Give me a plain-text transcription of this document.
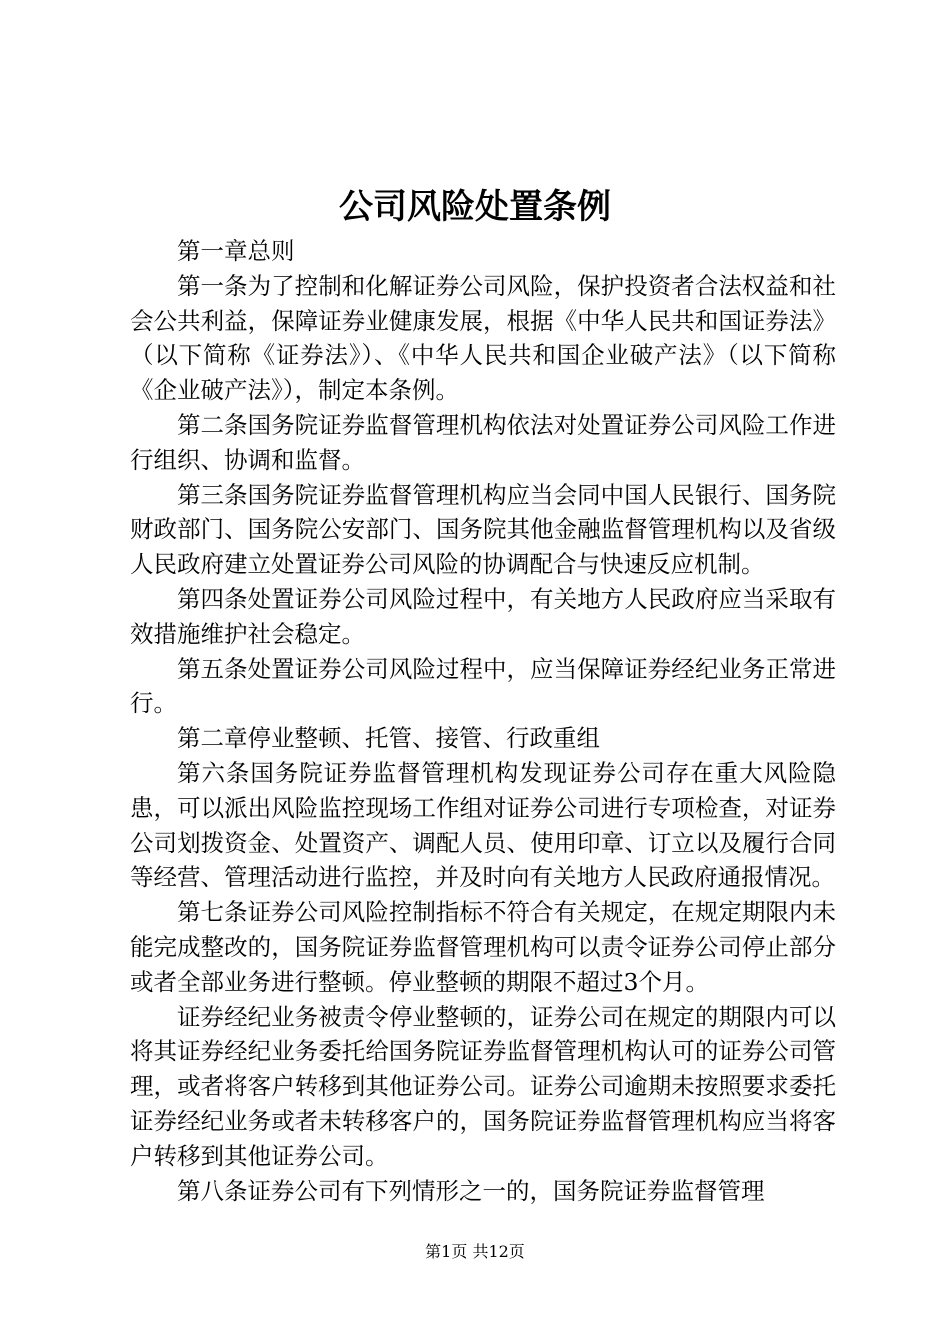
公司风险处置条例

第一章总则

第一条为了控制和化解证券公司风险，保护投资者合法权益和社会公共利益，保障证券业健康发展，根据《中华人民共和国证券法》（以下简称《证券法》）、《中华人民共和国企业破产法》（以下简称《企业破产法》），制定本条例。

第二条国务院证券监督管理机构依法对处置证券公司风险工作进行组织、协调和监督。

第三条国务院证券监督管理机构应当会同中国人民银行、国务院财政部门、国务院公安部门、国务院其他金融监督管理机构以及省级人民政府建立处置证券公司风险的协调配合与快速反应机制。

第四条处置证券公司风险过程中，有关地方人民政府应当采取有效措施维护社会稳定。

第五条处置证券公司风险过程中，应当保障证券经纪业务正常进行。

第二章停业整顿、托管、接管、行政重组

第六条国务院证券监督管理机构发现证券公司存在重大风险隐患，可以派出风险监控现场工作组对证券公司进行专项检查，对证券公司划拨资金、处置资产、调配人员、使用印章、订立以及履行合同等经营、管理活动进行监控，并及时向有关地方人民政府通报情况。

第七条证券公司风险控制指标不符合有关规定，在规定期限内未能完成整改的，国务院证券监督管理机构可以责令证券公司停止部分或者全部业务进行整顿。停业整顿的期限不超过3个月。

证券经纪业务被责令停业整顿的，证券公司在规定的期限内可以将其证券经纪业务委托给国务院证券监督管理机构认可的证券公司管理，或者将客户转移到其他证券公司。证券公司逾期未按照要求委托证券经纪业务或者未转移客户的，国务院证券监督管理机构应当将客户转移到其他证券公司。

第八条证券公司有下列情形之一的，国务院证券监督管理

第1页 共12页
